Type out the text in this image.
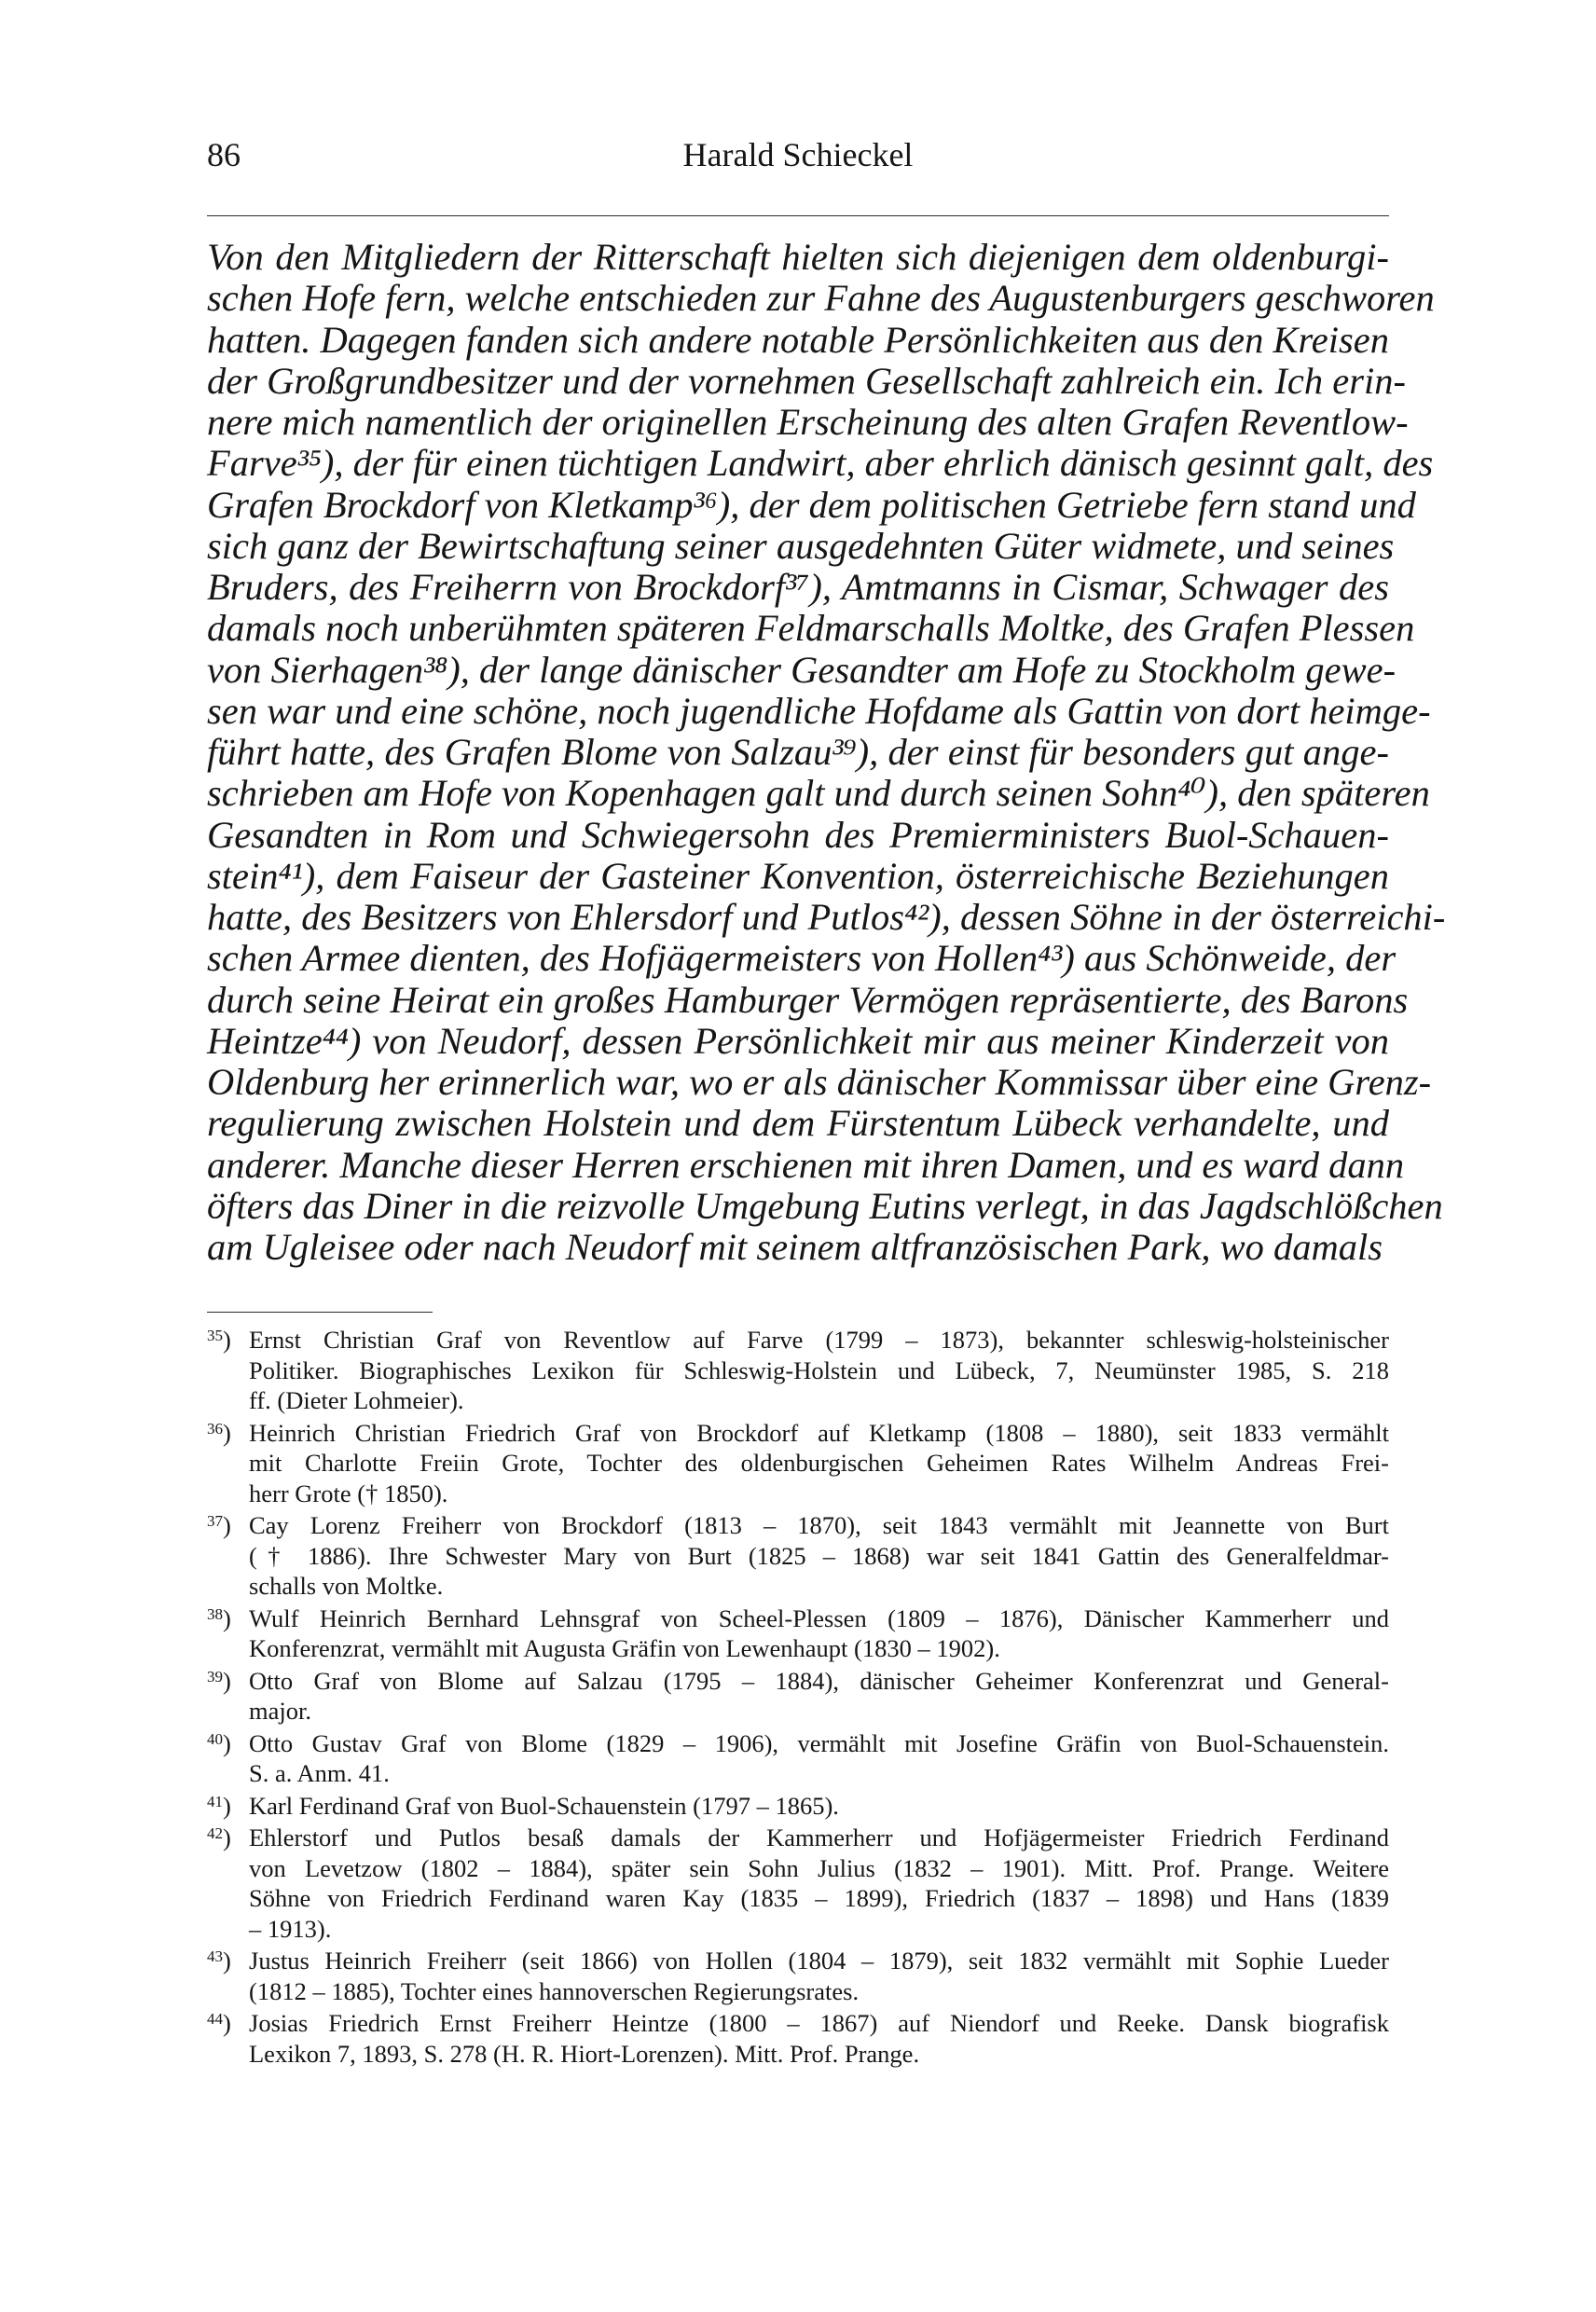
86	Harald Schieckel
Von den Mitgliedern der Ritterschaft hielten sich diejenigen dem oldenburgi-
schen Hofe fern, welche entschieden zur Fahne des Augustenburgers geschworen
hatten. Dagegen fanden sich andere notable Persönlichkeiten aus den Kreisen
der Großgrundbesitzer und der vornehmen Gesellschaft zahlreich ein. Ich erin-
nere mich namentlich der originellen Erscheinung des alten Grafen Reventlow-
Farve³⁵), der für einen tüchtigen Landwirt, aber ehrlich dänisch gesinnt galt, des
Grafen Brockdorf von Kletkamp³⁶), der dem politischen Getriebe fern stand und
sich ganz der Bewirtschaftung seiner ausgedehnten Güter widmete, und seines
Bruders, des Freiherrn von Brockdorf³⁷), Amtmanns in Cismar, Schwager des
damals noch unberühmten späteren Feldmarschalls Moltke, des Grafen Plessen
von Sierhagen³⁸), der lange dänischer Gesandter am Hofe zu Stockholm gewe-
sen war und eine schöne, noch jugendliche Hofdame als Gattin von dort heimge-
führt hatte, des Grafen Blome von Salzau³⁹), der einst für besonders gut ange-
schrieben am Hofe von Kopenhagen galt und durch seinen Sohn⁴⁰), den späteren
Gesandten in Rom und Schwiegersohn des Premierministers Buol-Schauen-
stein⁴¹), dem Faiseur der Gasteiner Konvention, österreichische Beziehungen
hatte, des Besitzers von Ehlersdorf und Putlos⁴²), dessen Söhne in der österreichi-
schen Armee dienten, des Hofjägermeisters von Hollen⁴³) aus Schönweide, der
durch seine Heirat ein großes Hamburger Vermögen repräsentierte, des Barons
Heintze⁴⁴) von Neudorf, dessen Persönlichkeit mir aus meiner Kinderzeit von
Oldenburg her erinnerlich war, wo er als dänischer Kommissar über eine Grenz-
regulierung zwischen Holstein und dem Fürstentum Lübeck verhandelte, und
anderer. Manche dieser Herren erschienen mit ihren Damen, und es ward dann
öfters das Diner in die reizvolle Umgebung Eutins verlegt, in das Jagdschlößchen
am Ugleisee oder nach Neudorf mit seinem altfranzösischen Park, wo damals
$^{35}$) Ernst Christian Graf von Reventlow auf Farve (1799 – 1873), bekannter schleswig-holsteinischer
Politiker. Biographisches Lexikon für Schleswig-Holstein und Lübeck, 7, Neumünster 1985, S. 218
ff. (Dieter Lohmeier).
$^{36}$) Heinrich Christian Friedrich Graf von Brockdorf auf Kletkamp (1808 – 1880), seit 1833 vermählt
mit Charlotte Freiin Grote, Tochter des oldenburgischen Geheimen Rates Wilhelm Andreas Frei-
herr Grote († 1850).
$^{37}$) Cay Lorenz Freiherr von Brockdorf (1813 – 1870), seit 1843 vermählt mit Jeannette von Burt
(† 1886). Ihre Schwester Mary von Burt (1825 – 1868) war seit 1841 Gattin des Generalfeldmar-
schalls von Moltke.
$^{38}$) Wulf Heinrich Bernhard Lehnsgraf von Scheel-Plessen (1809 – 1876), Dänischer Kammerherr und
Konferenzrat, vermählt mit Augusta Gräfin von Lewenhaupt (1830 – 1902).
$^{39}$) Otto Graf von Blome auf Salzau (1795 – 1884), dänischer Geheimer Konferenzrat und General-
major.
$^{40}$) Otto Gustav Graf von Blome (1829 – 1906), vermählt mit Josefine Gräfin von Buol-Schauenstein.
S. a. Anm. 41.
$^{41}$) Karl Ferdinand Graf von Buol-Schauenstein (1797 – 1865).
$^{42}$) Ehlerstorf und Putlos besaß damals der Kammerherr und Hofjägermeister Friedrich Ferdinand
von Levetzow (1802 – 1884), später sein Sohn Julius (1832 – 1901). Mitt. Prof. Prange. Weitere
Söhne von Friedrich Ferdinand waren Kay (1835 – 1899), Friedrich (1837 – 1898) und Hans (1839
– 1913).
$^{43}$) Justus Heinrich Freiherr (seit 1866) von Hollen (1804 – 1879), seit 1832 vermählt mit Sophie Lueder
(1812 – 1885), Tochter eines hannoverschen Regierungsrates.
$^{44}$) Josias Friedrich Ernst Freiherr Heintze (1800 – 1867) auf Niendorf und Reeke. Dansk biografisk
Lexikon 7, 1893, S. 278 (H. R. Hiort-Lorenzen). Mitt. Prof. Prange.
